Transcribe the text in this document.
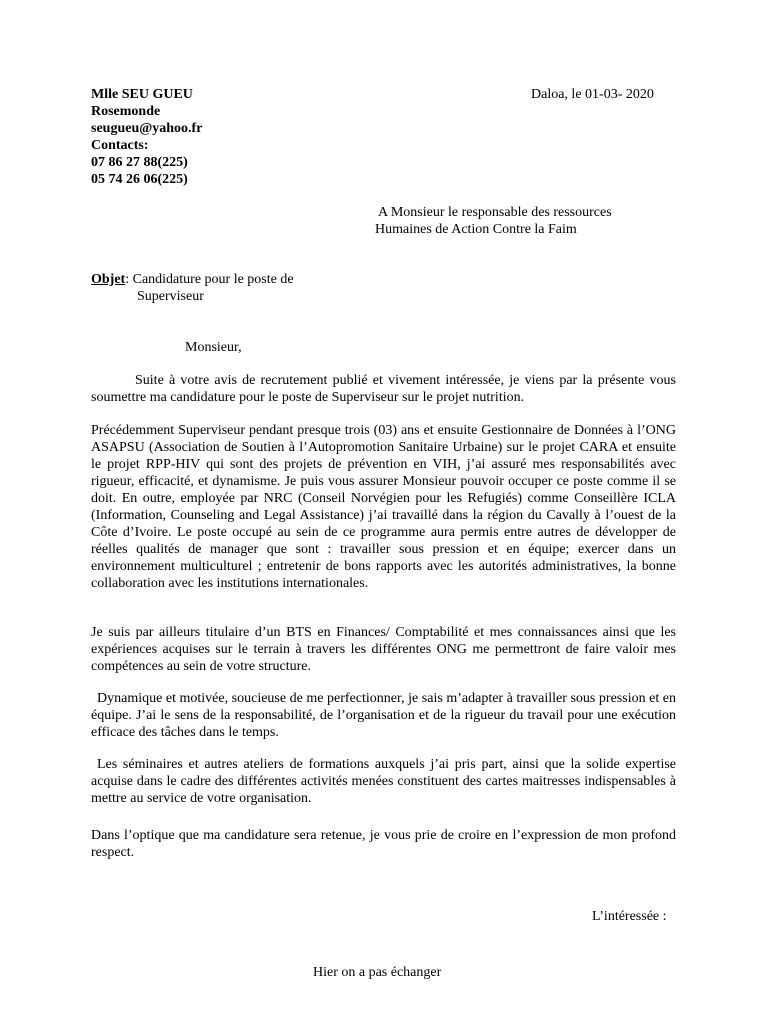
Mlle SEU GUEU
Rosemonde
seugueu@yahoo.fr
Contacts:
07 86 27 88(225)
05 74 26 06(225)
Daloa, le 01-03- 2020
A Monsieur le responsable des ressources
Humaines de Action Contre la Faim
Objet: Candidature pour le poste de
Superviseur
Monsieur,
Suite à votre avis de recrutement publié et vivement intéressée, je viens par la présente vous soumettre ma candidature pour le poste de Superviseur sur le projet nutrition.
Précédemment Superviseur pendant presque trois (03) ans et ensuite Gestionnaire de Données à l’ONG ASAPSU (Association de Soutien à l’Autopromotion Sanitaire Urbaine) sur le projet CARA et ensuite le projet RPP-HIV qui sont des projets de prévention en VIH, j’ai assuré mes responsabilités avec rigueur, efficacité, et dynamisme. Je puis vous assurer Monsieur pouvoir occuper ce poste comme il se doit. En outre, employée par NRC (Conseil Norvégien pour les Refugiés) comme Conseillère ICLA (Information, Counseling and Legal Assistance) j’ai travaillé dans la région du Cavally à l’ouest de la Côte d’Ivoire. Le poste occupé au sein de ce programme aura permis entre autres de développer de réelles qualités de manager que sont : travailler sous pression et en équipe; exercer dans un environnement multiculturel ; entretenir de bons rapports avec les autorités administratives, la bonne collaboration avec les institutions internationales.
Je suis par ailleurs titulaire d’un BTS en Finances/ Comptabilité et mes connaissances ainsi que les expériences acquises sur le terrain à travers les différentes ONG me permettront de faire valoir mes compétences au sein de votre structure.
Dynamique et motivée, soucieuse de me perfectionner, je sais m’adapter à travailler sous pression et en équipe. J’ai le sens de la responsabilité, de l’organisation et de la rigueur du travail pour une exécution efficace des tâches dans le temps.
Les séminaires et autres ateliers de formations auxquels j’ai pris part, ainsi que la solide expertise acquise dans le cadre des différentes activités menées constituent des cartes maitresses indispensables à mettre au service de votre organisation.
Dans l’optique que ma candidature sera retenue, je vous prie de croire en l’expression de mon profond respect.
L’intéressée :
Hier on a pas échanger
